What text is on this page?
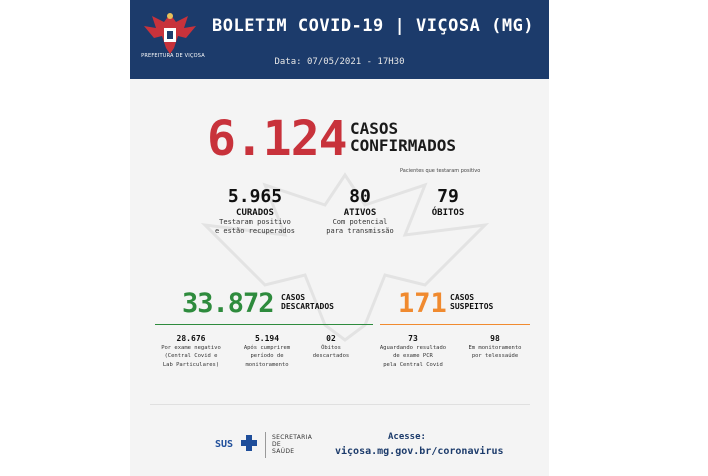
PREFEITURA DE VIÇOSA
BOLETIM COVID-19 | VIÇOSA (MG)
Data: 07/05/2021 - 17H30
6.124 CASOS
CONFIRMADOS
Pacientes que testaram positivo
5.965
CURADOS
Testaram positivo
e estão recuperados
80
ATIVOS
Com potencial
para transmissão
79
ÓBITOS
33.872 CASOS
DESCARTADOS 171 CASOS
SUSPEITOS
28.676
Por exame negativo
(Central Covid e
Lab Particulares)
5.194
Após cumprirem
período de
monitoramento
02
Óbitos
descartados
73
Aguardando resultado
de exame PCR
pela Central Covid
98
Em monitoramento
por telessaúde
SUS
SECRETARIA
DE
SAÚDE
Acesse:
viçosa.mg.gov.br/coronavirus
